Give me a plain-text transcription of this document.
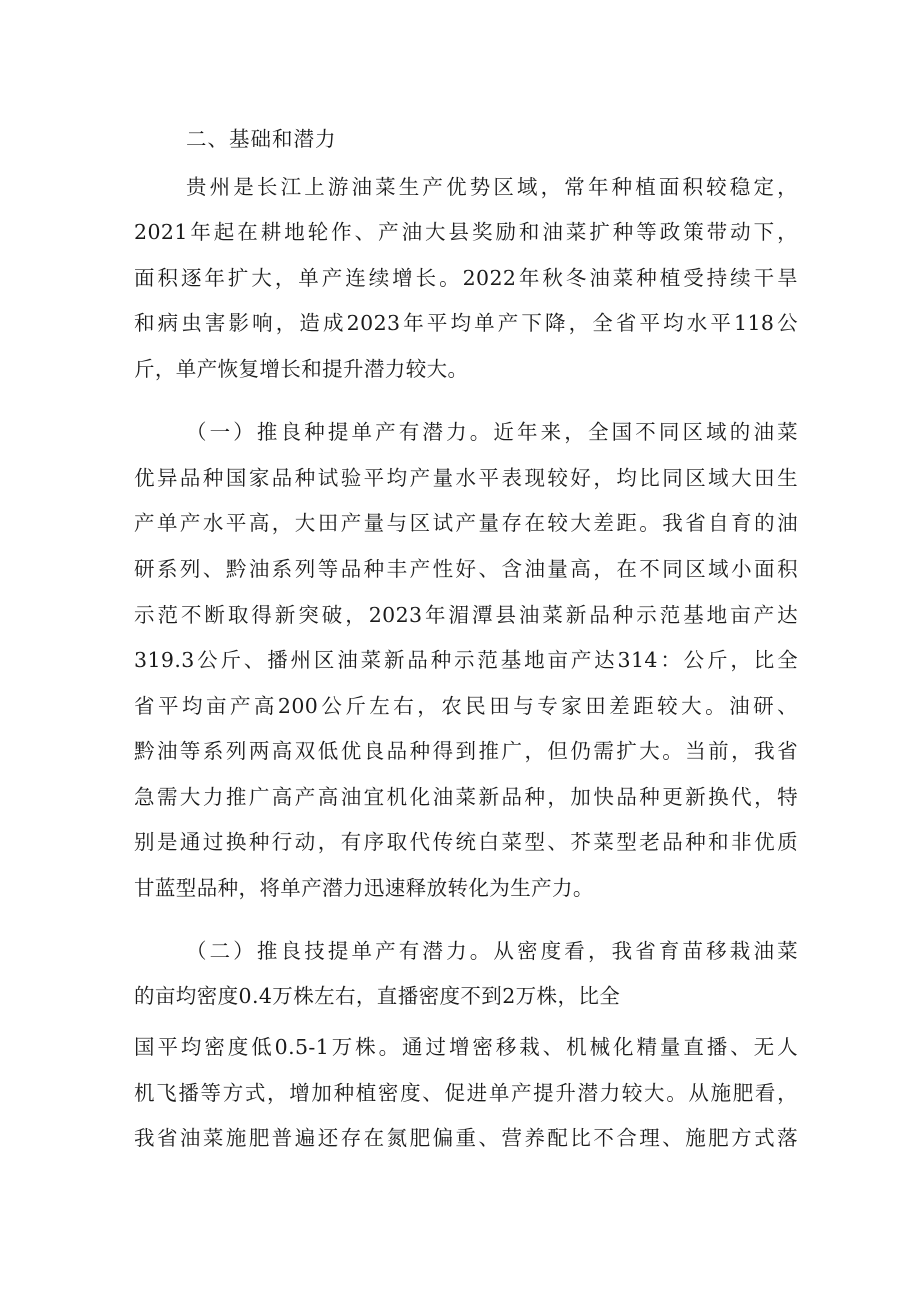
二、基础和潜力
贵州是长江上游油菜生产优势区域，常年种植面积较稳定，
2021年起在耕地轮作、产油大县奖励和油菜扩种等政策带动下，
面积逐年扩大，单产连续增长。2022年秋冬油菜种植受持续干旱
和病虫害影响，造成2023年平均单产下降，全省平均水平118公
斤，单产恢复增长和提升潜力较大。
（一）推良种提单产有潜力。近年来，全国不同区域的油菜
优异品种国家品种试验平均产量水平表现较好，均比同区域大田生
产单产水平高，大田产量与区试产量存在较大差距。我省自育的油
研系列、黔油系列等品种丰产性好、含油量高，在不同区域小面积
示范不断取得新突破，2023年湄潭县油菜新品种示范基地亩产达
319.3公斤、播州区油菜新品种示范基地亩产达314：公斤，比全
省平均亩产高200公斤左右，农民田与专家田差距较大。油研、
黔油等系列两高双低优良品种得到推广，但仍需扩大。当前，我省
急需大力推广高产高油宜机化油菜新品种，加快品种更新换代，特
别是通过换种行动，有序取代传统白菜型、芥菜型老品种和非优质
甘蓝型品种，将单产潜力迅速释放转化为生产力。
（二）推良技提单产有潜力。从密度看，我省育苗移栽油菜
的亩均密度0.4万株左右，直播密度不到2万株，比全
国平均密度低0.5-1万株。通过增密移栽、机械化精量直播、无人
机飞播等方式，增加种植密度、促进单产提升潜力较大。从施肥看，
我省油菜施肥普遍还存在氮肥偏重、营养配比不合理、施肥方式落
